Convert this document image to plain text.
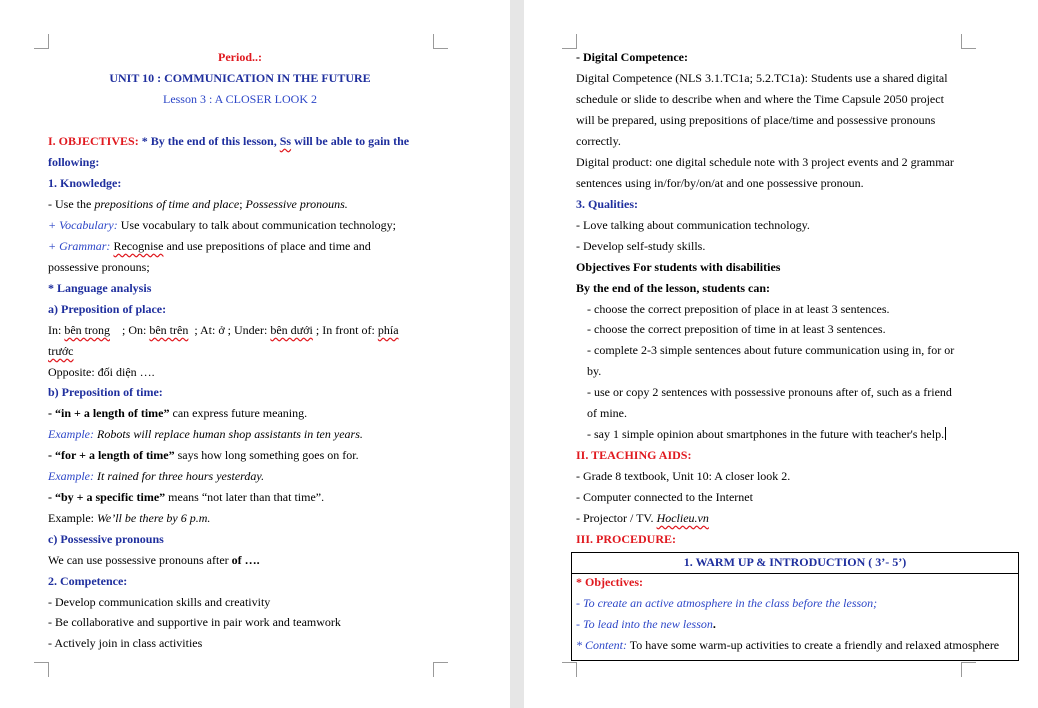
Period..:
UNIT 10 : COMMUNICATION IN THE FUTURE
Lesson 3 : A CLOSER LOOK 2
I. OBJECTIVES: * By the end of this lesson, Ss will be able to gain the
following:
1. Knowledge:
- Use the prepositions of time and place; Possessive pronouns.
+ Vocabulary: Use vocabulary to talk about communication technology;
+ Grammar: Recognise and use prepositions of place and time and
possessive pronouns;
* Language analysis
a) Preposition of place:
In: bên trong ; On: bên trên ; At: ở ; Under: bên dưới ; In front of: phía
trước
Opposite: đối diện ….
b) Preposition of time:
- “in + a length of time” can express future meaning.
Example: Robots will replace human shop assistants in ten years.
- “for + a length of time” says how long something goes on for.
Example: It rained for three hours yesterday.
- “by + a specific time” means “not later than that time”.
Example: We’ll be there by 6 p.m.
c) Possessive pronouns
We can use possessive pronouns after of ….
2. Competence:
- Develop communication skills and creativity
- Be collaborative and supportive in pair work and teamwork
- Actively join in class activities
- Digital Competence:
Digital Competence (NLS 3.1.TC1a; 5.2.TC1a): Students use a shared digital
schedule or slide to describe when and where the Time Capsule 2050 project
will be prepared, using prepositions of place/time and possessive pronouns
correctly.
Digital product: one digital schedule note with 3 project events and 2 grammar
sentences using in/for/by/on/at and one possessive pronoun.
3. Qualities:
- Love talking about communication technology.
- Develop self-study skills.
Objectives For students with disabilities
By the end of the lesson, students can:
- choose the correct preposition of place in at least 3 sentences.
- choose the correct preposition of time in at least 3 sentences.
- complete 2-3 simple sentences about future communication using in, for or
by.
- use or copy 2 sentences with possessive pronouns after of, such as a friend
of mine.
- say 1 simple opinion about smartphones in the future with teacher's help.
II. TEACHING AIDS:
- Grade 8 textbook, Unit 10: A closer look 2.
- Computer connected to the Internet
- Projector / TV. Hoclieu.vn
III. PROCEDURE:
1. WARM UP & INTRODUCTION ( 3’- 5’)
* Objectives:
- To create an active atmosphere in the class before the lesson;
- To lead into the new lesson.
* Content: To have some warm-up activities to create a friendly and relaxed atmosphere
